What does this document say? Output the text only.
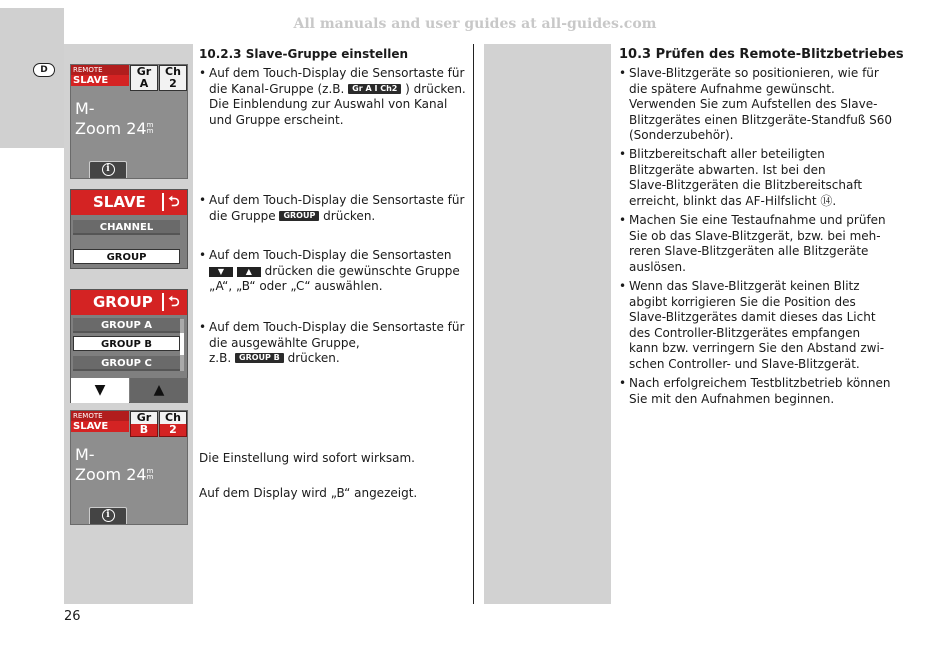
All manuals and user guides at all-guides.com
D	REMOTE
SLAVE
Gr
A
Ch
2
M-
Zoom 24m
m
i
SLAVE	⮌
CHANNEL
GROUP
GROUP	⮌
GROUP A
GROUP B
GROUP C
▼	▲
REMOTE
SLAVE
Gr
B
Ch
2
M-
Zoom 24m
m
i
10.2.3 Slave-Gruppe einstellen
• Auf dem Touch-Display die Sensortaste für
die Kanal-Gruppe (z.B. Gr A I Ch2 ) drücken.
Die Einblendung zur Auswahl von Kanal
und Gruppe erscheint.
• Auf dem Touch-Display die Sensortaste für
die Gruppe GROUP drücken.
• Auf dem Touch-Display die Sensortasten
▼	▲ drücken die gewünschte Gruppe
„A“, „B“ oder „C“ auswählen.
• Auf dem Touch-Display die Sensortaste für
die ausgewählte Gruppe,
z.B. GROUP B drücken.
Die Einstellung wird sofort wirksam.
Auf dem Display wird „B“ angezeigt.
10.3 Prüfen des Remote-Blitzbetriebes
• Slave-Blitzgeräte so positionieren, wie für
die spätere Aufnahme gewünscht.
Verwenden Sie zum Aufstellen des Slave-
Blitzgerätes einen Blitzgeräte-Standfuß S60
(Sonderzubehör).
• Blitzbereitschaft aller beteiligten
Blitzgeräte abwarten. Ist bei den
Slave-Blitzgeräten die Blitzbereitschaft
erreicht, blinkt das AF-Hilfslicht ⑭.
• Machen Sie eine Testaufnahme und prüfen
Sie ob das Slave-Blitzgerät, bzw. bei meh-
reren Slave-Blitzgeräten alle Blitzgeräte
auslösen.
• Wenn das Slave-Blitzgerät keinen Blitz
abgibt korrigieren Sie die Position des
Slave-Blitzgerätes damit dieses das Licht
des Controller-Blitzgerätes empfangen
kann bzw. verringern Sie den Abstand zwi-
schen Controller- und Slave-Blitzgerät.
• Nach erfolgreichem Testblitzbetrieb können
Sie mit den Aufnahmen beginnen.
26
